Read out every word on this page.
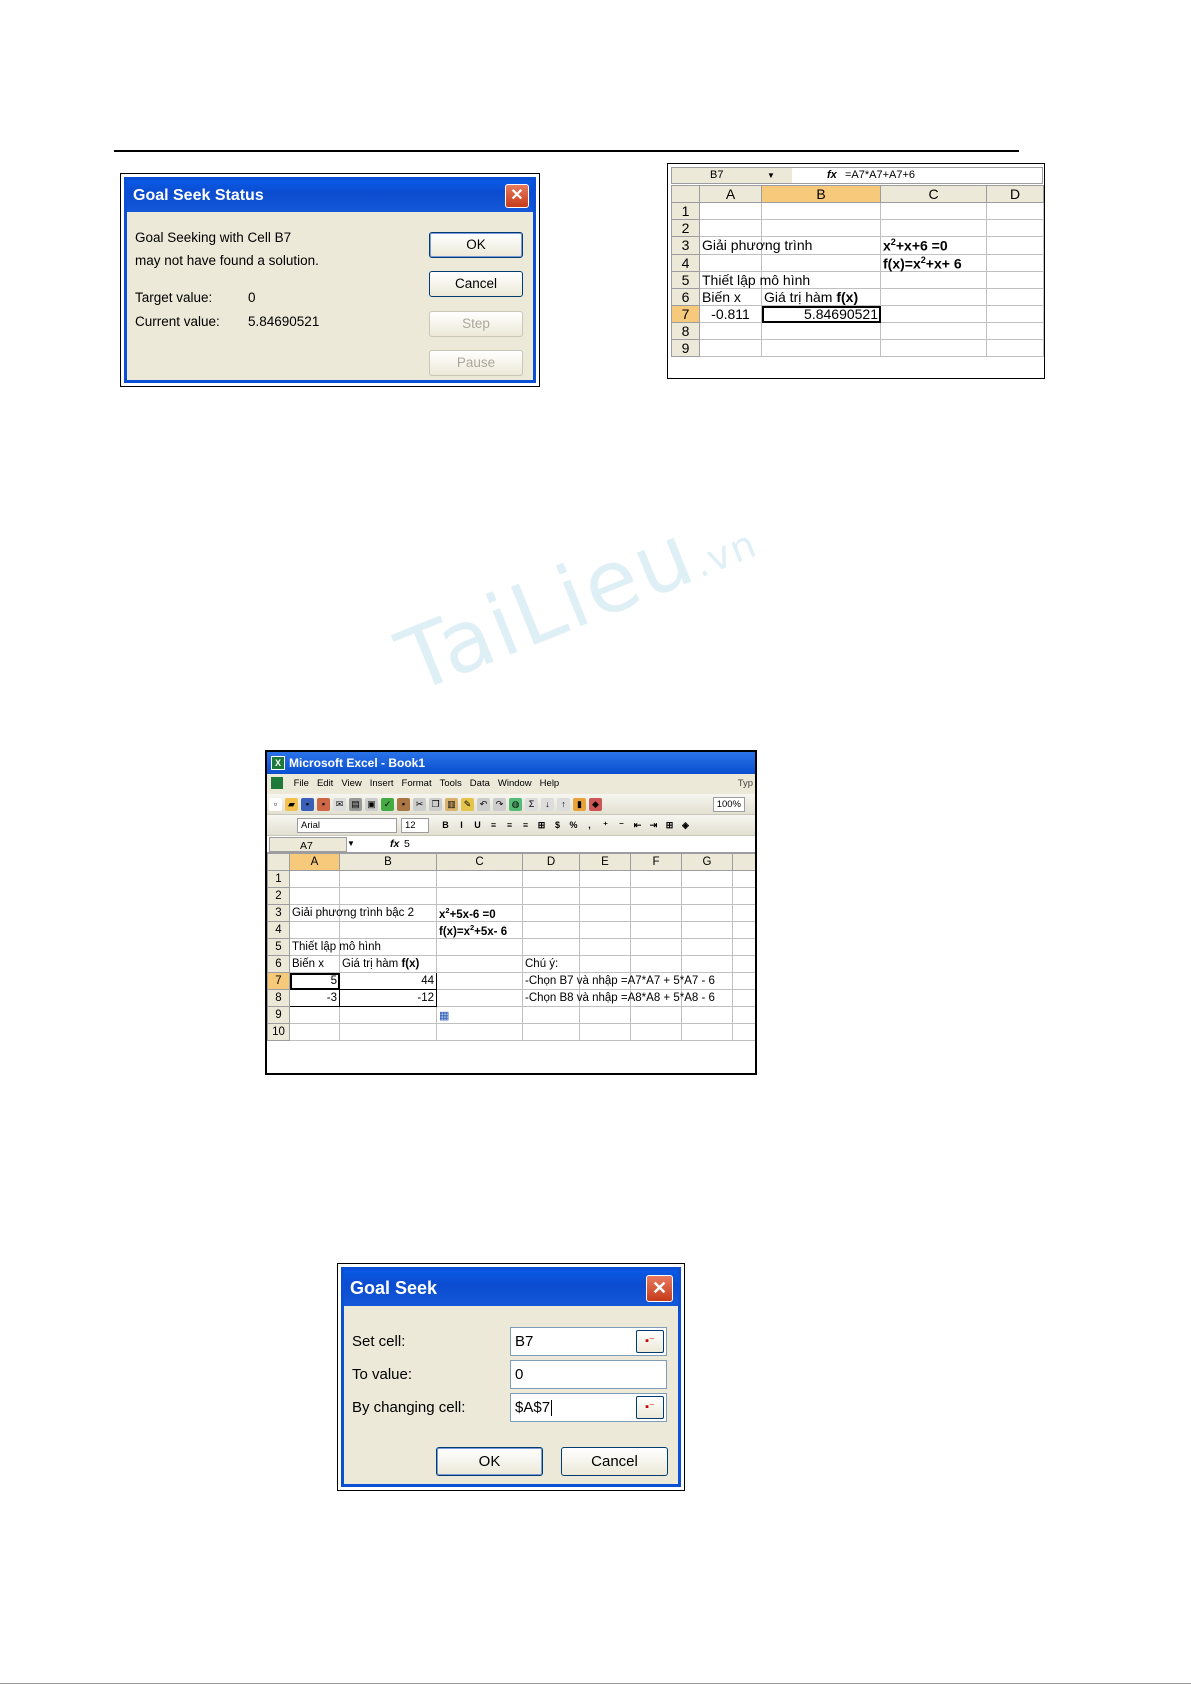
Goal Seek Status	✕
Goal Seeking with Cell B7
may not have found a solution.
Target value:	0
Current value: 5.84690521
OK
Cancel
Step
Pause
B7	▼	fx =A7*A7+A7+6
	A	B	C	D
1				
2				
3	Giải phương trình		$x^2+x+6 =0$	
4			$f(x)=x^2+x+ 6$	
5	Thiết lập mô hình			
6	Biến x	Giá trị hàm f(x)		
7	-0.811	5.84690521		
8				
9				
TaiLieu.vn
X Microsoft Excel - Book1
File Edit View Insert Format Tools Data Window Help	Typ
100%
▫ ▰ ▪ ▪ ✉ ▤ ▣ ✓ ▪ ✂ ❐ ▥ ✎ ↶ ↷ ◍ Σ ↓ ↑ ▮ ◆
Arial	12	B I U ≡ ≡ ≡ ⊞ $ % , ⁺ ⁻ ⇤ ⇥ ⊞ ◈
A7	▼	fx 5
	A	B	C	D	E	F	G	
1								
2								
3	Giải phương trình bậc 2		$x^2+5x-6 =0$					
4			$f(x)=x^2+5x-$ 6					
5	Thiết lập mô hình							
6	Biến x	Giá trị hàm f(x)		Chú ý:				
7	5	44		-Chọn B7 và nhập =A7*A7 + 5*A7 - 6				
8	-3	-12		-Chọn B8 và nhập =A8*A8 + 5*A8 - 6				
9			▦					
10								
Goal Seek	✕
Set cell:	B7	▪⁻
To value:	0
By changing cell:	$A$7	▪⁻
OK	Cancel
